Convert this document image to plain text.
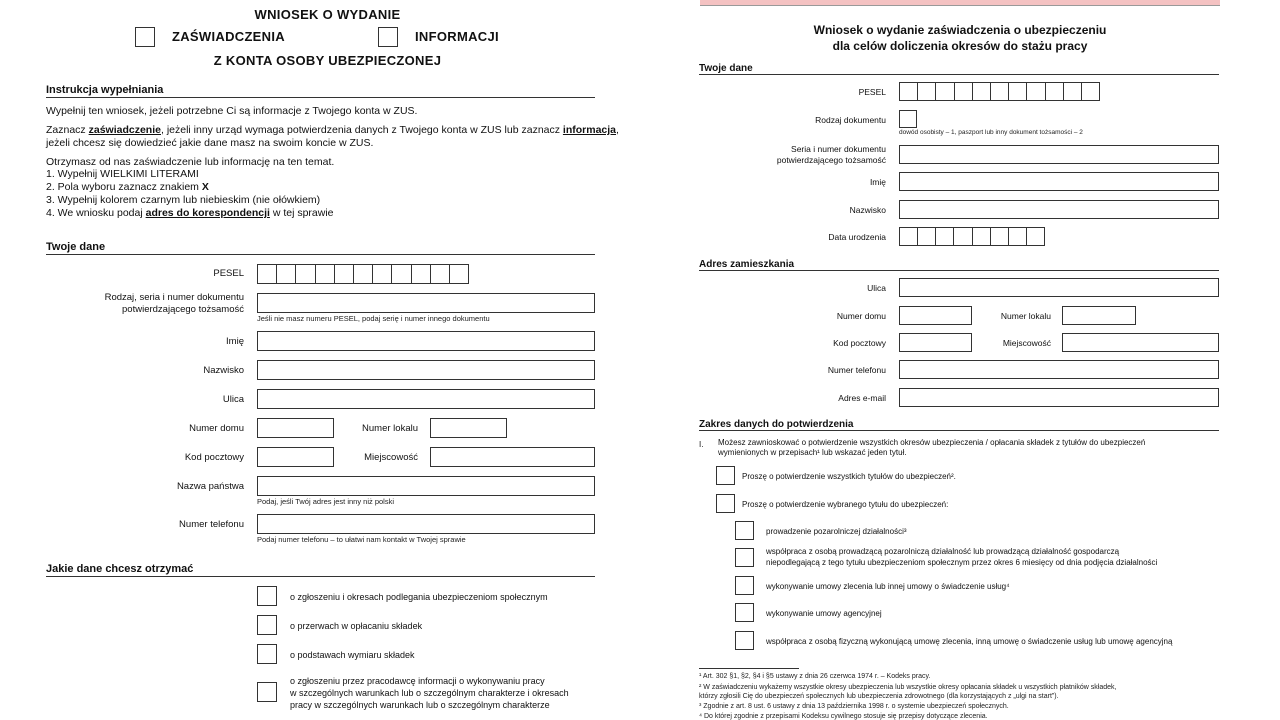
WNIOSEK O WYDANIE
ZAŚWIADCZENIA	INFORMACJI
Z KONTA OSOBY UBEZPIECZONEJ
Instrukcja wypełniania
Wypełnij ten wniosek, jeżeli potrzebne Ci są informacje z Twojego konta w ZUS.
Zaznacz zaświadczenie, jeżeli inny urząd wymaga potwierdzenia danych z Twojego konta w ZUS lub zaznacz informacja,
jeżeli chcesz się dowiedzieć jakie dane masz na swoim koncie w ZUS.
Otrzymasz od nas zaświadczenie lub informację na ten temat.
1. Wypełnij WIELKIMI LITERAMI
2. Pola wyboru zaznacz znakiem X
3. Wypełnij kolorem czarnym lub niebieskim (nie ołówkiem)
4. We wniosku podaj adres do korespondencji w tej sprawie
Twoje dane
PESEL
Rodzaj, seria i numer dokumentu
potwierdzającego tożsamość
Jeśli nie masz numeru PESEL, podaj serię i numer innego dokumentu
Imię
Nazwisko
Ulica
Numer domu	Numer lokalu
Kod pocztowy	Miejscowość
Nazwa państwa
Podaj, jeśli Twój adres jest inny niż polski
Numer telefonu
Podaj numer telefonu – to ułatwi nam kontakt w Twojej sprawie
Jakie dane chcesz otrzymać
o zgłoszeniu i okresach podlegania ubezpieczeniom społecznym
o przerwach w opłacaniu składek
o podstawach wymiaru składek
o zgłoszeniu przez pracodawcę informacji o wykonywaniu pracy
w szczególnych warunkach lub o szczególnym charakterze i okresach
pracy w szczególnych warunkach lub o szczególnym charakterze
Wniosek o wydanie zaświadczenia o ubezpieczeniu
dla celów doliczenia okresów do stażu pracy
Twoje dane
PESEL
Rodzaj dokumentu
dowód osobisty – 1, paszport lub inny dokument tożsamości – 2
Seria i numer dokumentu
potwierdzającego tożsamość
Imię
Nazwisko
Data urodzenia
Adres zamieszkania
Ulica
Numer domu	Numer lokalu
Kod pocztowy	Miejscowość
Numer telefonu
Adres e-mail
Zakres danych do potwierdzenia
I. Możesz zawnioskować o potwierdzenie wszystkich okresów ubezpieczenia / opłacania składek z tytułów do ubezpieczeń
wymienionych w przepisach¹ lub wskazać jeden tytuł.
Proszę o potwierdzenie wszystkich tytułów do ubezpieczeń².
Proszę o potwierdzenie wybranego tytułu do ubezpieczeń:
prowadzenie pozarolniczej działalności³
współpraca z osobą prowadzącą pozarolniczą działalność lub prowadzącą działalność gospodarczą
niepodlegającą z tego tytułu ubezpieczeniom społecznym przez okres 6 miesięcy od dnia podjęcia działalności
wykonywanie umowy zlecenia lub innej umowy o świadczenie usług⁴
wykonywanie umowy agencyjnej
współpraca z osobą fizyczną wykonującą umowę zlecenia, inną umowę o świadczenie usług lub umowę agencyjną
¹ Art. 302 §1, §2, §4 i §5 ustawy z dnia 26 czerwca 1974 r. – Kodeks pracy.
² W zaświadczeniu wykażemy wszystkie okresy ubezpieczenia lub wszystkie okresy opłacania składek u wszystkich płatników składek,
którzy zgłosili Cię do ubezpieczeń społecznych lub ubezpieczenia zdrowotnego (dla korzystających z „ulgi na start”).
³ Zgodnie z art. 8 ust. 6 ustawy z dnia 13 października 1998 r. o systemie ubezpieczeń społecznych.
⁴ Do której zgodnie z przepisami Kodeksu cywilnego stosuje się przepisy dotyczące zlecenia.
